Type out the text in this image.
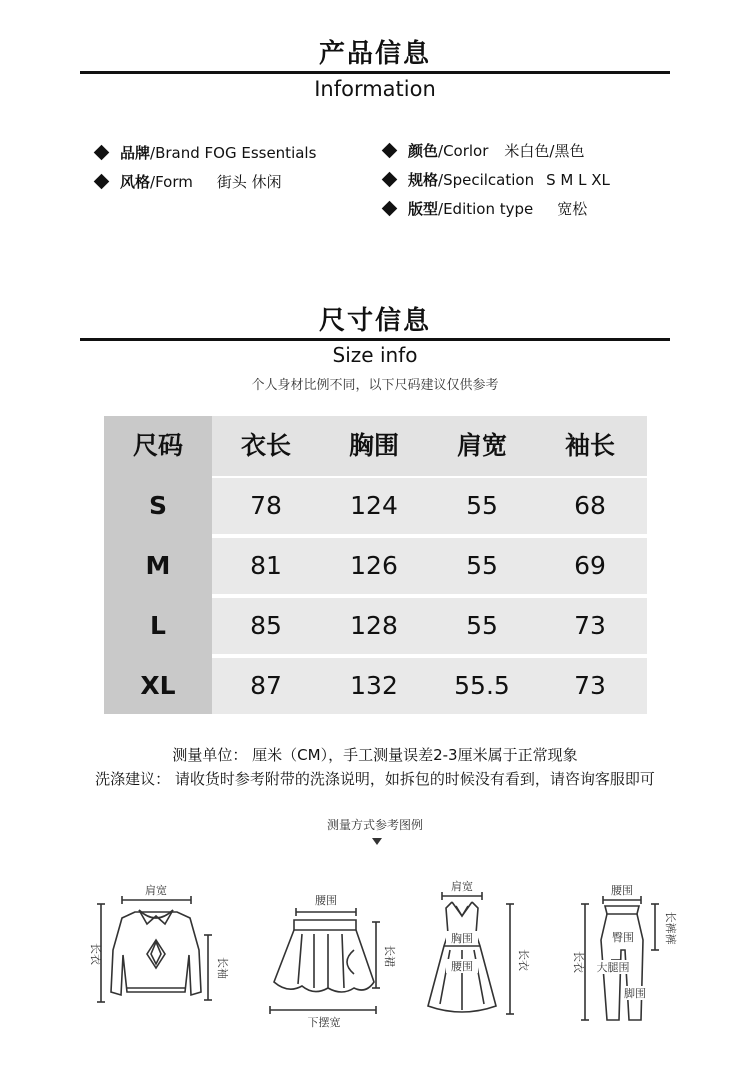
产品信息
Information
品牌 /Brand FOG Essentials
风格 /Form 街头 休闲
颜色 /Corlor 米白色/黑色
规格 /Specilcation S M L XL
版型 /Edition type 宽松
尺寸信息
Size info
个人身材比例不同，以下尺码建议仅供参考
尺码	衣长	胸围	肩宽	袖长
S	78	124	55	68
M	81	126	55	69
L	85	128	55	73
XL	87	132	55.5	73
测量单位： 厘米（CM），手工测量误差2-3厘米属于正常现象
洗涤建议： 请收货时参考附带的洗涤说明，如拆包的时候没有看到，请咨询客服即可
测量方式参考图例
肩宽
长衣
长袖
腰围
长裙
下摆宽
肩宽
胸围
腰围	长衣
腰围
臀围
大腿围
脚围
长衣
长裤裤
